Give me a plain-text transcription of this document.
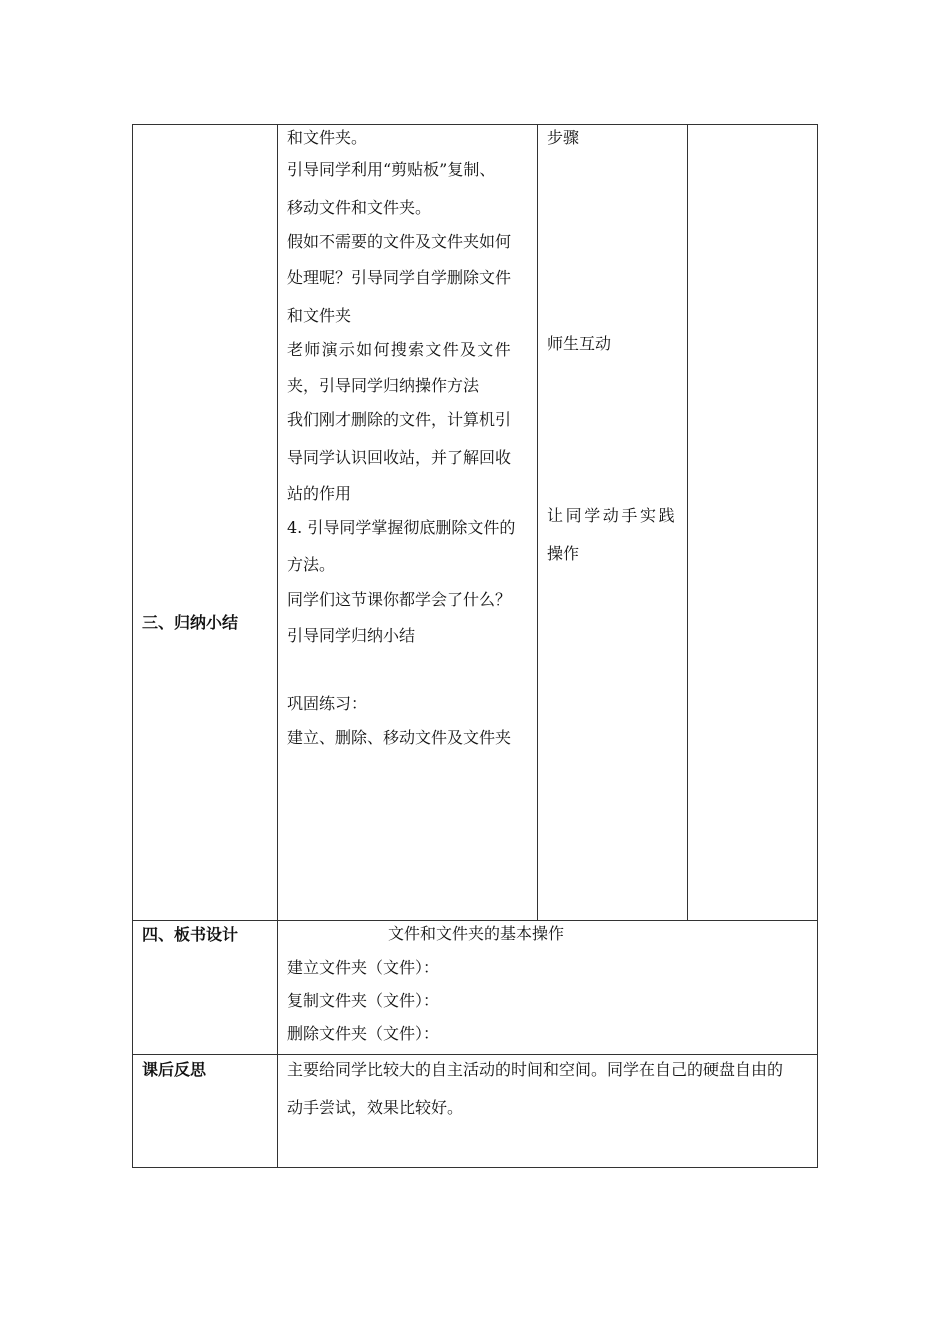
三、归纳小结
和文件夹。
引导同学利用“剪贴板”复制、
移动文件和文件夹。
假如不需要的文件及文件夹如何
处理呢？引导同学自学删除文件
和文件夹
老师演示如何搜索文件及文件
夹，引导同学归纳操作方法
我们刚才删除的文件，计算机引
导同学认识回收站，并了解回收
站的作用
4. 引导同学掌握彻底删除文件的
方法。
同学们这节课你都学会了什么？
引导同学归纳小结
巩固练习：
建立、删除、移动文件及文件夹
步骤
师生互动
让同学动手实践
操作
四、板书设计	文件和文件夹的基本操作
建立文件夹（文件）：
复制文件夹（文件）：
删除文件夹（文件）：
课后反思	主要给同学比较大的自主活动的时间和空间。同学在自己的硬盘自由的
动手尝试，效果比较好。
